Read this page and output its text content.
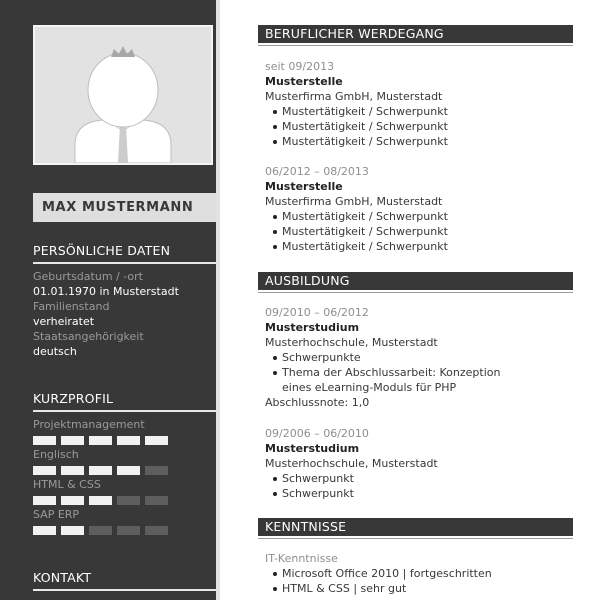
MAX MUSTERMANN
PERSÖNLICHE DATEN
Geburtsdatum / -ort
01.01.1970 in Musterstadt
Familienstand
verheiratet
Staatsangehörigkeit
deutsch
KURZPROFIL
Projektmanagement
Englisch
HTML & CSS
SAP ERP
KONTAKT
BERUFLICHER WERDEGANG
seit 09/2013
Musterstelle
Musterfirma GmbH, Musterstadt
Mustertätigkeit / Schwerpunkt
Mustertätigkeit / Schwerpunkt
Mustertätigkeit / Schwerpunkt
06/2012 – 08/2013
Musterstelle
Musterfirma GmbH, Musterstadt
Mustertätigkeit / Schwerpunkt
Mustertätigkeit / Schwerpunkt
Mustertätigkeit / Schwerpunkt
AUSBILDUNG
09/2010 – 06/2012
Musterstudium
Musterhochschule, Musterstadt
Schwerpunkte
Thema der Abschlussarbeit: Konzeption eines eLearning-Moduls für PHP
Abschlussnote: 1,0
09/2006 – 06/2010
Musterstudium
Musterhochschule, Musterstadt
Schwerpunkt
Schwerpunkt
KENNTNISSE
IT-Kenntnisse
Microsoft Office 2010 | fortgeschritten
HTML & CSS | sehr gut
